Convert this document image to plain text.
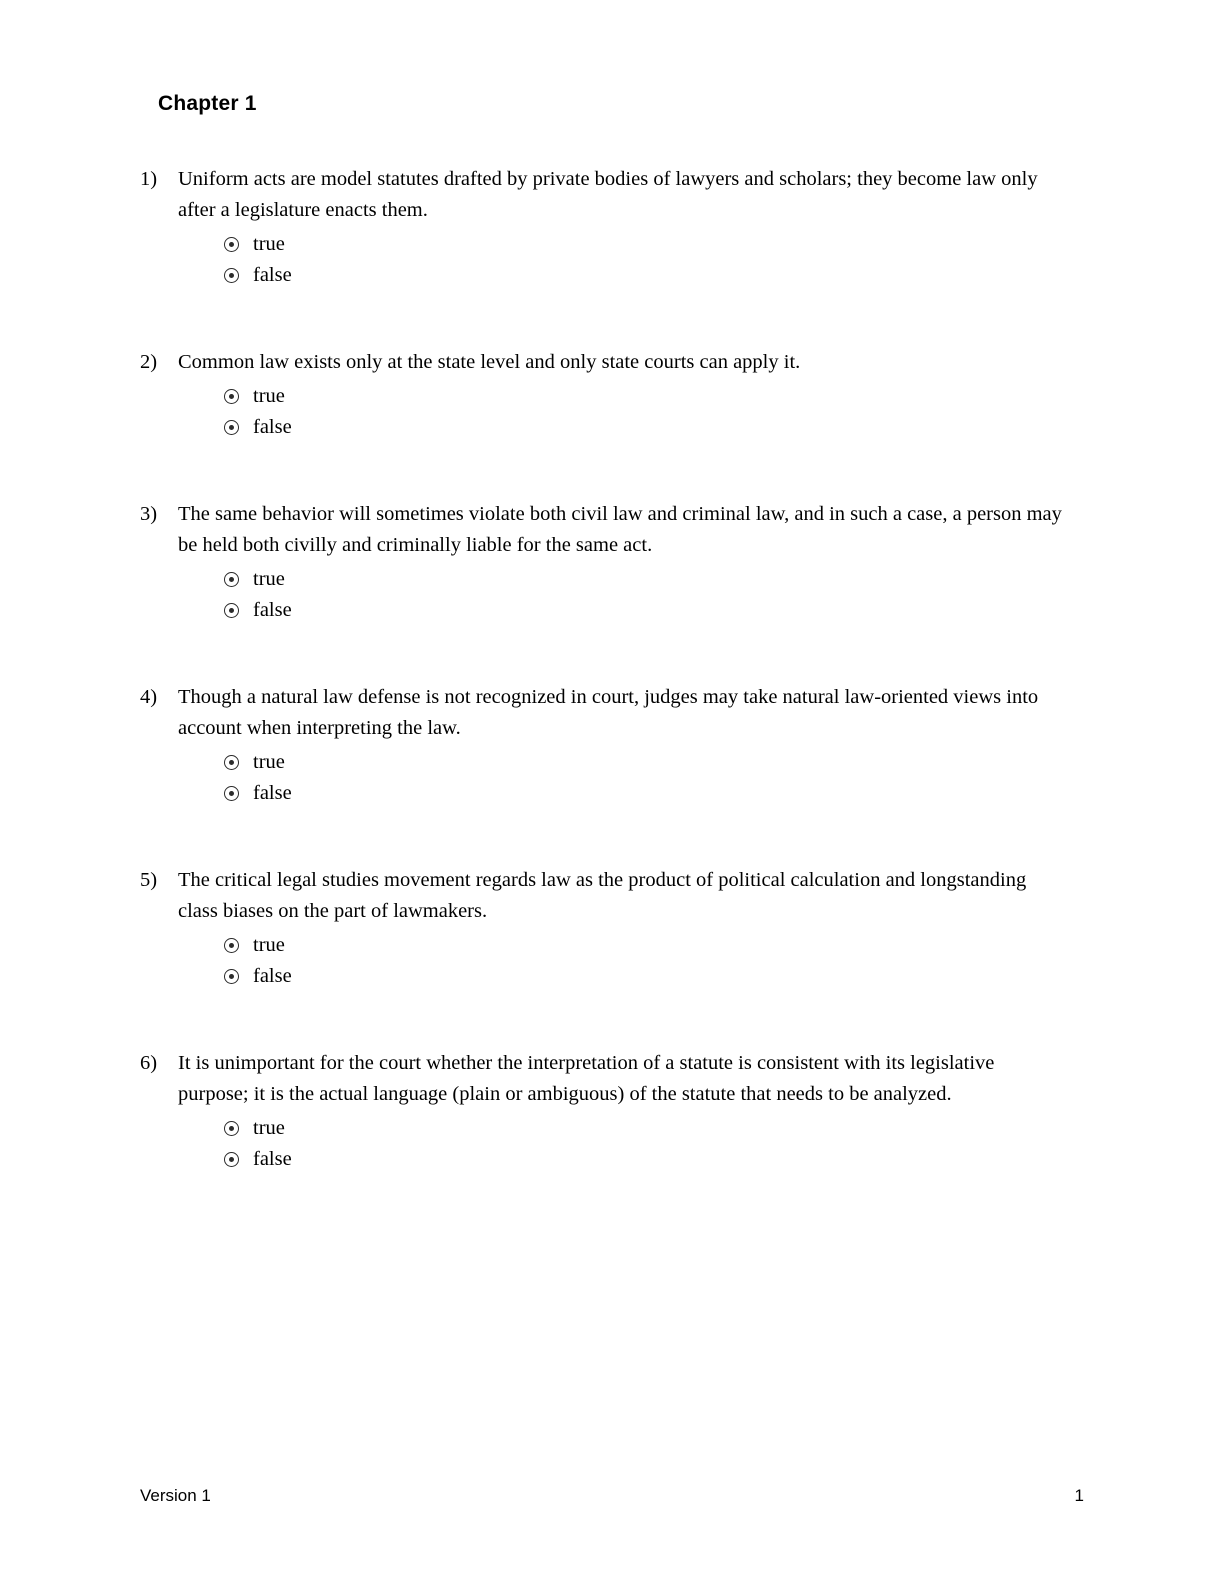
Chapter 1
1)	Uniform acts are model statutes drafted by private bodies of lawyers and scholars; they become law only after a legislature enacts them.
true
false
2)	Common law exists only at the state level and only state courts can apply it.
true
false
3)	The same behavior will sometimes violate both civil law and criminal law, and in such a case, a person may be held both civilly and criminally liable for the same act.
true
false
4)	Though a natural law defense is not recognized in court, judges may take natural law-oriented views into account when interpreting the law.
true
false
5)	The critical legal studies movement regards law as the product of political calculation and longstanding class biases on the part of lawmakers.
true
false
6)	It is unimportant for the court whether the interpretation of a statute is consistent with its legislative purpose; it is the actual language (plain or ambiguous) of the statute that needs to be analyzed.
true
false
Version 1	1
